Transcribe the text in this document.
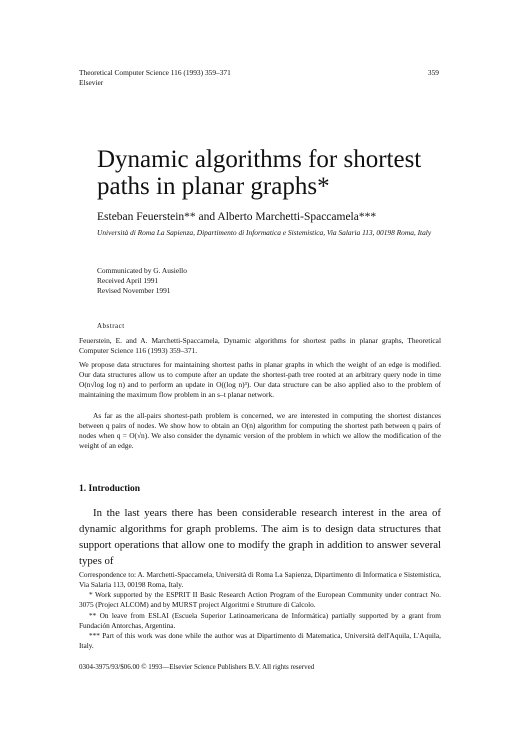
Theoretical Computer Science 116 (1993) 359–371
Elsevier
359
Dynamic algorithms for shortest paths in planar graphs*
Esteban Feuerstein** and Alberto Marchetti-Spaccamela***
Università di Roma La Sapienza, Dipartimento di Informatica e Sistemistica, Via Salaria 113, 00198 Roma, Italy
Communicated by G. Ausiello
Received April 1991
Revised November 1991
Abstract

Feuerstein, E. and A. Marchetti-Spaccamela, Dynamic algorithms for shortest paths in planar graphs, Theoretical Computer Science 116 (1993) 359–371.

We propose data structures for maintaining shortest paths in planar graphs in which the weight of an edge is modified. Our data structures allow us to compute after an update the shortest-path tree rooted at an arbitrary query node in time O(n√log log n) and to perform an update in O((log n)³). Our data structure can be also applied also to the problem of maintaining the maximum flow problem in an s–t planar network.

As far as the all-pairs shortest-path problem is concerned, we are interested in computing the shortest distances between q pairs of nodes. We show how to obtain an O(n) algorithm for computing the shortest path between q pairs of nodes when q = O(√n). We also consider the dynamic version of the problem in which we allow the modification of the weight of an edge.

1. Introduction

In the last years there has been considerable research interest in the area of dynamic algorithms for graph problems. The aim is to design data structures that support operations that allow one to modify the graph in addition to answer several types of

Correspondence to: A. Marchetti-Spaccamela, Università di Roma La Sapienza, Dipartimento di Informatica e Sistemistica, Via Salaria 113, 00198 Roma, Italy.

* Work supported by the ESPRIT II Basic Research Action Program of the European Community under contract No. 3075 (Project ALCOM) and by MURST project Algoritmi e Strutture di Calcolo.

** On leave from ESLAI (Escuela Superior Latinoamericana de Informática) partially supported by a grant from Fundación Antorchas, Argentina.

*** Part of this work was done while the author was at Dipartimento di Matematica, Università dell'Aquila, L'Aquila, Italy.

0304-3975/93/$06.00 © 1993—Elsevier Science Publishers B.V. All rights reserved
